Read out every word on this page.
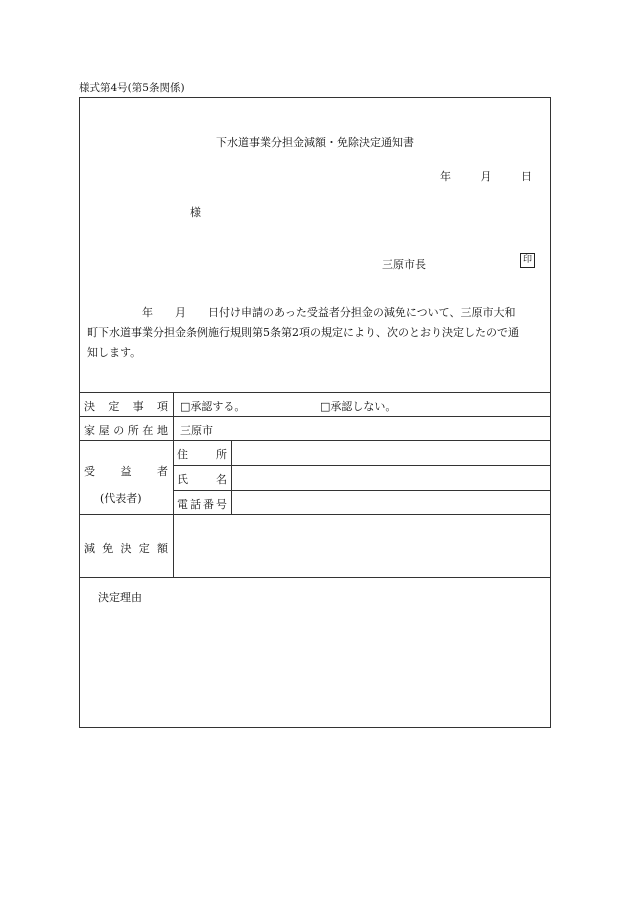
様式第4号(第5条関係)
下水道事業分担金減額・免除決定通知書
年	月	日
様
三原市長	印
　　　　　年　　月　　日付け申請のあった受益者分担金の減免について、三原市大和
町下水道事業分担金条例施行規則第5条第2項の規定により、次のとおり決定したので通
知します。
決 定 事 項 □承認する。	□承認しない。
家 屋 の 所 在 地 三原市
受 益 者
(代表者)
住	所
氏	名
電 話 番 号
減 免 決 定 額
決定理由
